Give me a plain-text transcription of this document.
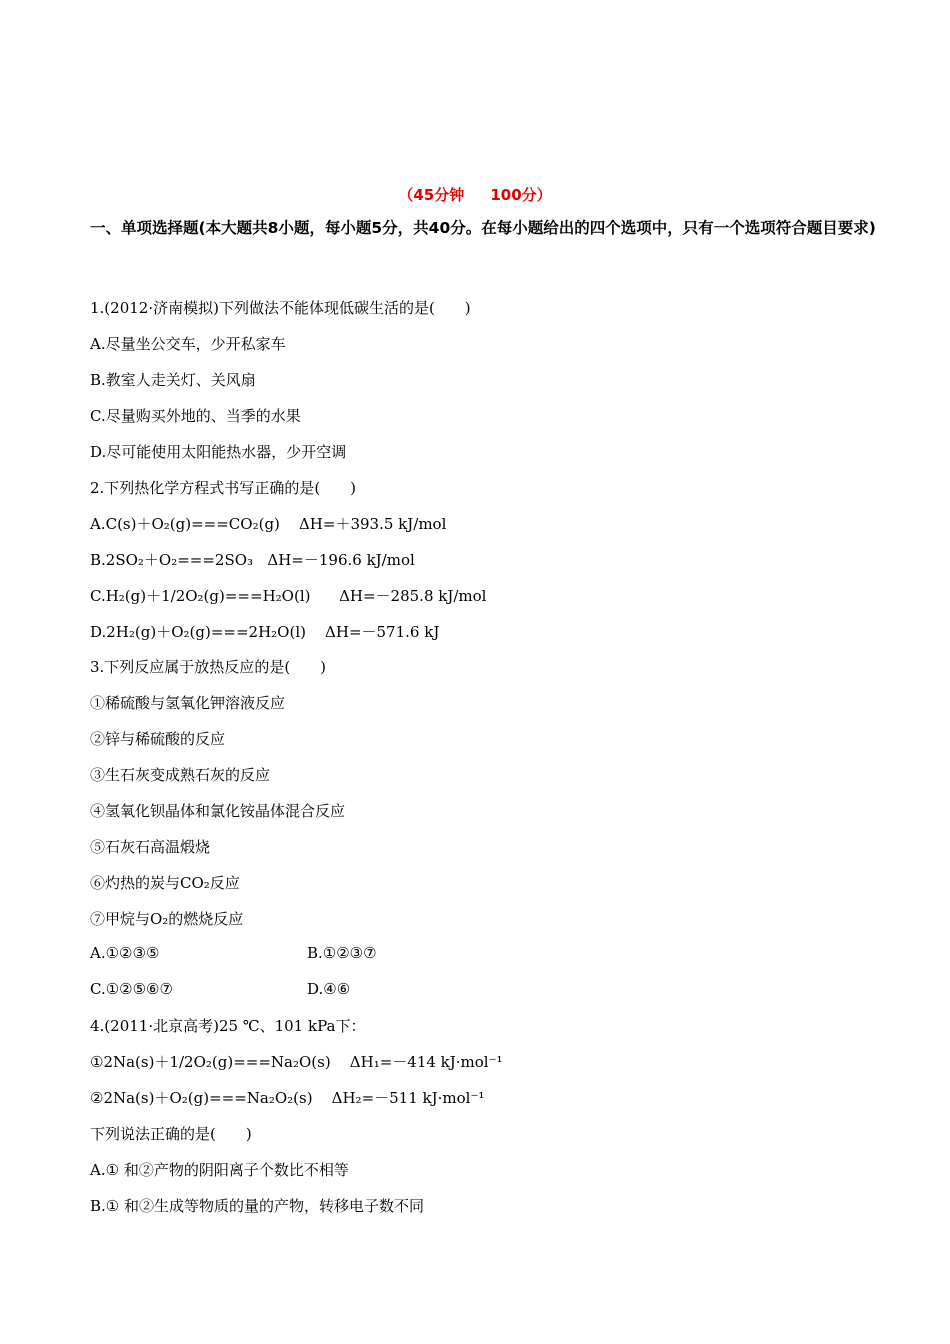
（45分钟     100分）
一、单项选择题(本大题共8小题，每小题5分，共40分。在每小题给出的四个选项中，只有一个选项符合题目要求)
1.(2012·济南模拟)下列做法不能体现低碳生活的是(　　)
A.尽量坐公交车，少开私家车
B.教室人走关灯、关风扇
C.尽量购买外地的、当季的水果
D.尽可能使用太阳能热水器，少开空调
2.下列热化学方程式书写正确的是(　　)
A.C(s)＋O₂(g)===CO₂(g)    ΔH=＋393.5 kJ/mol
B.2SO₂＋O₂===2SO₃   ΔH=－196.6 kJ/mol
C.H₂(g)＋1/2O₂(g)===H₂O(l)      ΔH=－285.8 kJ/mol
D.2H₂(g)＋O₂(g)===2H₂O(l)    ΔH=－571.6 kJ
3.下列反应属于放热反应的是(　　)
①稀硫酸与氢氧化钾溶液反应
②锌与稀硫酸的反应
③生石灰变成熟石灰的反应
④氢氧化钡晶体和氯化铵晶体混合反应
⑤石灰石高温煅烧
⑥灼热的炭与CO₂反应
⑦甲烷与O₂的燃烧反应
A.①②③⑤	B.①②③⑦
C.①②⑤⑥⑦	D.④⑥
4.(2011·北京高考)25 ℃、101 kPa下：
①2Na(s)＋1/2O₂(g)===Na₂O(s)    ΔH₁=－414 kJ·mol⁻¹
②2Na(s)＋O₂(g)===Na₂O₂(s)    ΔH₂=－511 kJ·mol⁻¹
下列说法正确的是(　　)
A.① 和②产物的阴阳离子个数比不相等
B.① 和②生成等物质的量的产物，转移电子数不同
